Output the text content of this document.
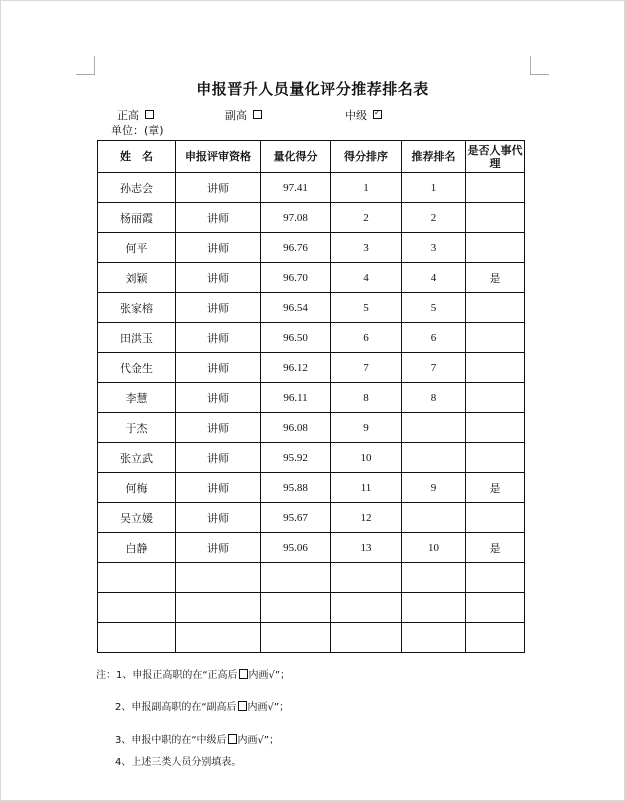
申报晋升人员量化评分推荐排名表
正高	副高	中级✓
单位：(章)
姓　名	申报评审资格	量化得分	得分排序	推荐排名	是否人事代理
孙志会	讲师	97.41	1	1	
杨丽霞	讲师	97.08	2	2	
何平	讲师	96.76	3	3	
刘颖	讲师	96.70	4	4	是
张家榕	讲师	96.54	5	5	
田洪玉	讲师	96.50	6	6	
代金生	讲师	96.12	7	7	
李慧	讲师	96.11	8	8	
于杰	讲师	96.08	9		
张立武	讲师	95.92	10		
何梅	讲师	95.88	11	9	是
吴立媛	讲师	95.67	12		
白静	讲师	95.06	13	10	是

注：1、申报正高职的在“正高后 内画√”；
2、申报副高职的在“副高后 内画√”；
3、申报中职的在“中级后 内画√”；
4、上述三类人员分别填表。
